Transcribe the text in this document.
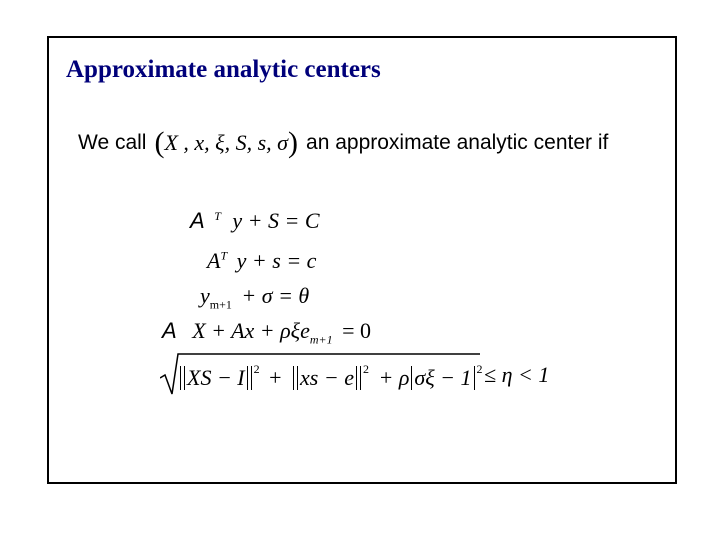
Approximate analytic centers
We call ( X , x, ξ, S, s, σ ) an approximate analytic center if
A $^T$ y + S = C
$A^T$ y + s = c
$y_{m+1} + \sigma = \theta$
A X + Ax + ρξe$_{m+1}$ = 0
XS − I $^2$ + xs − e $^2$ + ρ σξ − 1 $^2$ ≤ η < 1
